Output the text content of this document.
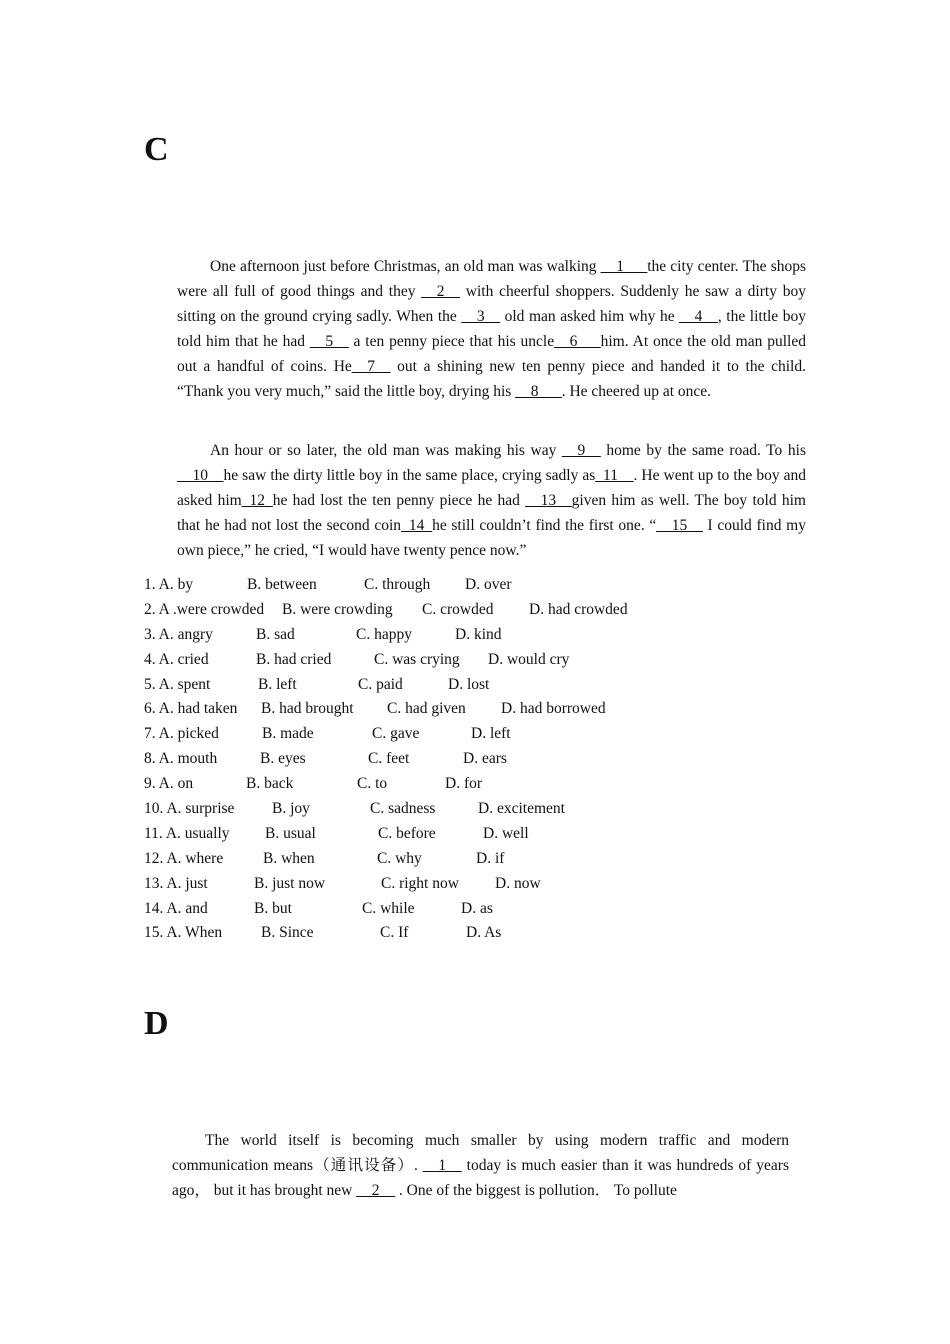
C

One afternoon just before Christmas, an old man was walking __1___the city center. The shops were all full of good things and they __2__ with cheerful shoppers. Suddenly he saw a dirty boy sitting on the ground crying sadly. When the __3__ old man asked him why he __4__, the little boy told him that he had __5__ a ten penny piece that his uncle__6___him. At once the old man pulled out a handful of coins. He__7__ out a shining new ten penny piece and handed it to the child. “Thank you very much,” said the little boy, drying his __8___. He cheered up at once.

An hour or so later, the old man was making his way __9__ home by the same road. To his __10__he saw the dirty little boy in the same place, crying sadly as_11__. He went up to the boy and asked him_12_he had lost the ten penny piece he had __13__given him as well. The boy told him that he had not lost the second coin_14_he still couldn’t find the first one. “__15__ I could find my own piece,” he cried, “I would have twenty pence now.”

1. A. by	B. between	C. through D. over
2. A .were crowded B. were crowding C. crowded D. had crowded
3. A. angry	B. sad	C. happy	D. kind
4. A. cried	B. had cried	C. was crying D. would cry
5. A. spent	B. left	C. paid	D. lost
6. A. had taken B. had brought C. had given D. had borrowed
7. A. picked	B. made	C. gave	D. left
8. A. mouth	B. eyes	C. feet	D. ears
9. A. on	B. back	C. to	D. for
10. A. surprise B. joy	C. sadness	D. excitement
11. A. usually B. usual	C. before	D. well
12. A. where	B. when	C. why	D. if
13. A. just	B. just now	C. right now D. now
14. A. and	B. but	C. while	D. as
15. A. When	B. Since	C. If	D. As
D

The world itself is becoming much smaller by using modern traffic and modern communication means（通讯设备）. __1__ today is much easier than it was hundreds of years ago， but it has brought new __2__ . One of the biggest is pollution． To pollute
